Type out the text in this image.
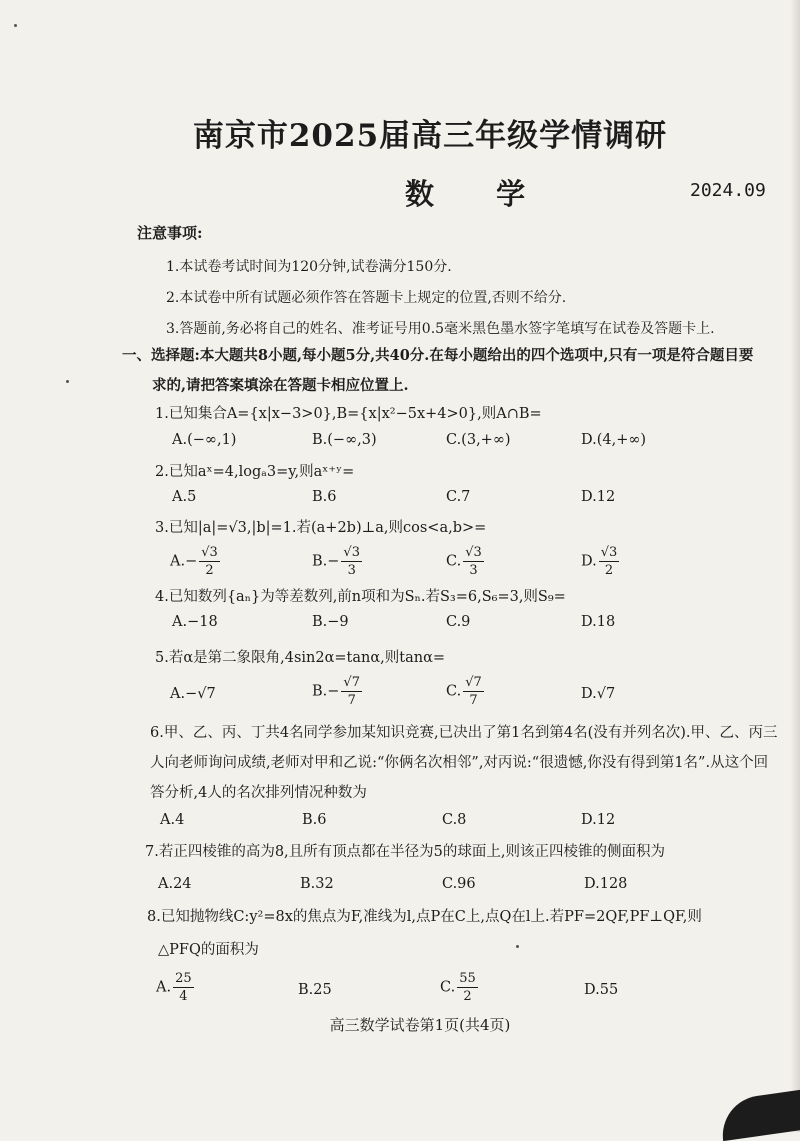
南京市2025届高三年级学情调研
数 学	2024.09
注意事项:
1.本试卷考试时间为120分钟,试卷满分150分.
2.本试卷中所有试题必须作答在答题卡上规定的位置,否则不给分.
3.答题前,务必将自己的姓名、准考证号用0.5毫米黑色墨水签字笔填写在试卷及答题卡上.
一、选择题:本大题共8小题,每小题5分,共40分.在每小题给出的四个选项中,只有一项是符合题目要
求的,请把答案填涂在答题卡相应位置上.
1.已知集合A={x|x−3>0},B={x|x²−5x+4>0},则A∩B=
A.(−∞,1)	B.(−∞,3)	C.(3,+∞)	D.(4,+∞)
2.已知aˣ=4,logₐ3=y,则aˣ⁺ʸ=
A.5	B.6	C.7	D.12
3.已知|a|=√3,|b|=1.若(a+2b)⊥a,则cos<a,b>=
$A.- \frac{√3}{2}$	$B.- \frac{√3}{3}$	C. $\frac{√3}{3}$	D. $\frac{√3}{2}$
4.已知数列{aₙ}为等差数列,前n项和为Sₙ.若S₃=6,S₆=3,则S₉=
A.−18	B.−9	C.9	D.18
5.若α是第二象限角,4sin2α=tanα,则tanα=
A.−√7	$B.- \frac{√7}{7}$	C. $\frac{√7}{7}$	D.√7
6.甲、乙、丙、丁共4名同学参加某知识竞赛,已决出了第1名到第4名(没有并列名次).甲、乙、丙三人向老师询问成绩,老师对甲和乙说:“你俩名次相邻”,对丙说:“很遗憾,你没有得到第1名”.从这个回答分析,4人的名次排列情况种数为
A.4	B.6	C.8	D.12
7.若正四棱锥的高为8,且所有顶点都在半径为5的球面上,则该正四棱锥的侧面积为
A.24	B.32	C.96	D.128
8.已知抛物线C:y²=8x的焦点为F,准线为l,点P在C上,点Q在l上.若PF=2QF,PF⊥QF,则
△PFQ的面积为
A. $\frac{25}{4}$	B.25	C. $\frac{55}{2}$	D.55
高三数学试卷第1页(共4页)
